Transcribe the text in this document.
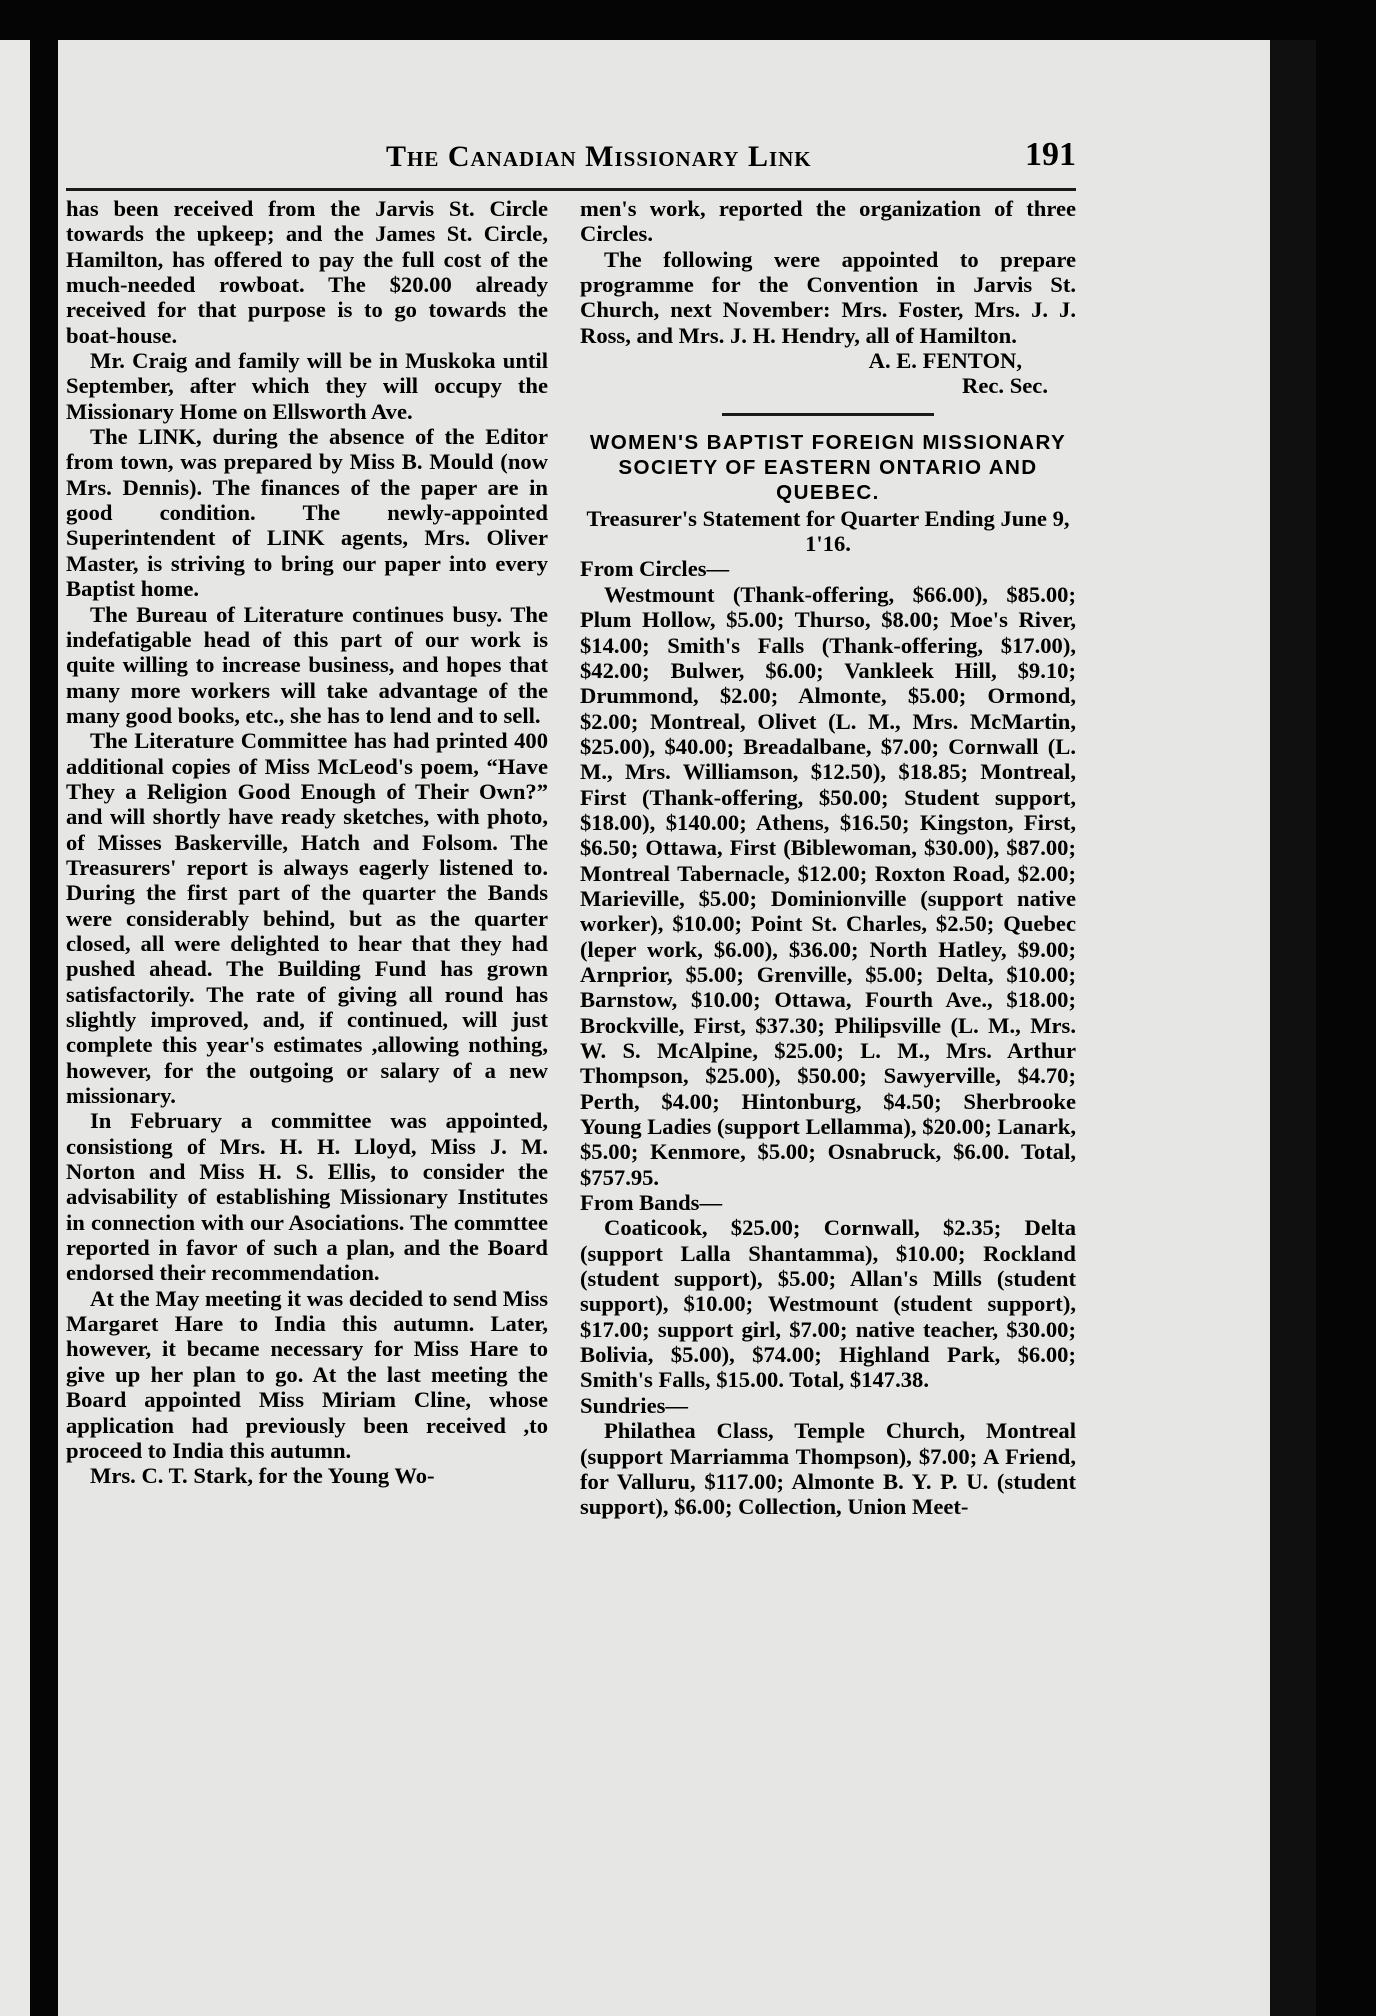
The Canadian Missionary Link	191

has been received from the Jarvis St. Circle towards the upkeep; and the James St. Circle, Hamilton, has offered to pay the full cost of the much-needed rowboat. The $20.00 already received for that purpose is to go towards the boat-house.

Mr. Craig and family will be in Muskoka until September, after which they will occupy the Missionary Home on Ellsworth Ave.

The LINK, during the absence of the Editor from town, was prepared by Miss B. Mould (now Mrs. Dennis). The finances of the paper are in good condition. The newly-appointed Superintendent of LINK agents, Mrs. Oliver Master, is striving to bring our paper into every Baptist home.

The Bureau of Literature continues busy. The indefatigable head of this part of our work is quite willing to increase business, and hopes that many more workers will take advantage of the many good books, etc., she has to lend and to sell.

The Literature Committee has had printed 400 additional copies of Miss McLeod's poem, “Have They a Religion Good Enough of Their Own?” and will shortly have ready sketches, with photo, of Misses Baskerville, Hatch and Folsom. The Treasurers' report is always eagerly listened to. During the first part of the quarter the Bands were considerably behind, but as the quarter closed, all were delighted to hear that they had pushed ahead. The Building Fund has grown satisfactorily. The rate of giving all round has slightly improved, and, if continued, will just complete this year's estimates ,allowing nothing, however, for the outgoing or salary of a new missionary.

In February a committee was appointed, consistiong of Mrs. H. H. Lloyd, Miss J. M. Norton and Miss H. S. Ellis, to consider the advisability of establishing Missionary Institutes in connection with our Asociations. The commttee reported in favor of such a plan, and the Board endorsed their recommendation.

At the May meeting it was decided to send Miss Margaret Hare to India this autumn. Later, however, it became necessary for Miss Hare to give up her plan to go. At the last meeting the Board appointed Miss Miriam Cline, whose application had previously been received ,to proceed to India this autumn.

Mrs. C. T. Stark, for the Young Wo-

men's work, reported the organization of three Circles.

The following were appointed to prepare programme for the Convention in Jarvis St. Church, next November: Mrs. Foster, Mrs. J. J. Ross, and Mrs. J. H. Hendry, all of Hamilton.

A. E. FENTON,

Rec. Sec.

WOMEN'S BAPTIST FOREIGN MISSIONARY SOCIETY OF EASTERN ONTARIO AND QUEBEC.

Treasurer's Statement for Quarter Ending June 9, 1'16.

From Circles—

Westmount (Thank-offering, $66.00), $85.00; Plum Hollow, $5.00; Thurso, $8.00; Moe's River, $14.00; Smith's Falls (Thank-offering, $17.00), $42.00; Bulwer, $6.00; Vankleek Hill, $9.10; Drummond, $2.00; Almonte, $5.00; Ormond, $2.00; Montreal, Olivet (L. M., Mrs. McMartin, $25.00), $40.00; Breadalbane, $7.00; Cornwall (L. M., Mrs. Williamson, $12.50), $18.85; Montreal, First (Thank-offering, $50.00; Student support, $18.00), $140.00; Athens, $16.50; Kingston, First, $6.50; Ottawa, First (Biblewoman, $30.00), $87.00; Montreal Tabernacle, $12.00; Roxton Road, $2.00; Marieville, $5.00; Dominionville (support native worker), $10.00; Point St. Charles, $2.50; Quebec (leper work, $6.00), $36.00; North Hatley, $9.00; Arnprior, $5.00; Grenville, $5.00; Delta, $10.00; Barnstow, $10.00; Ottawa, Fourth Ave., $18.00; Brockville, First, $37.30; Philipsville (L. M., Mrs. W. S. McAlpine, $25.00; L. M., Mrs. Arthur Thompson, $25.00), $50.00; Sawyerville, $4.70; Perth, $4.00; Hintonburg, $4.50; Sherbrooke Young Ladies (support Lellamma), $20.00; Lanark, $5.00; Kenmore, $5.00; Osnabruck, $6.00. Total, $757.95.

From Bands—

Coaticook, $25.00; Cornwall, $2.35; Delta (support Lalla Shantamma), $10.00; Rockland (student support), $5.00; Allan's Mills (student support), $10.00; Westmount (student support), $17.00; support girl, $7.00; native teacher, $30.00; Bolivia, $5.00), $74.00; Highland Park, $6.00; Smith's Falls, $15.00. Total, $147.38.

Sundries—

Philathea Class, Temple Church, Montreal (support Marriamma Thompson), $7.00; A Friend, for Valluru, $117.00; Almonte B. Y. P. U. (student support), $6.00; Collection, Union Meet-
